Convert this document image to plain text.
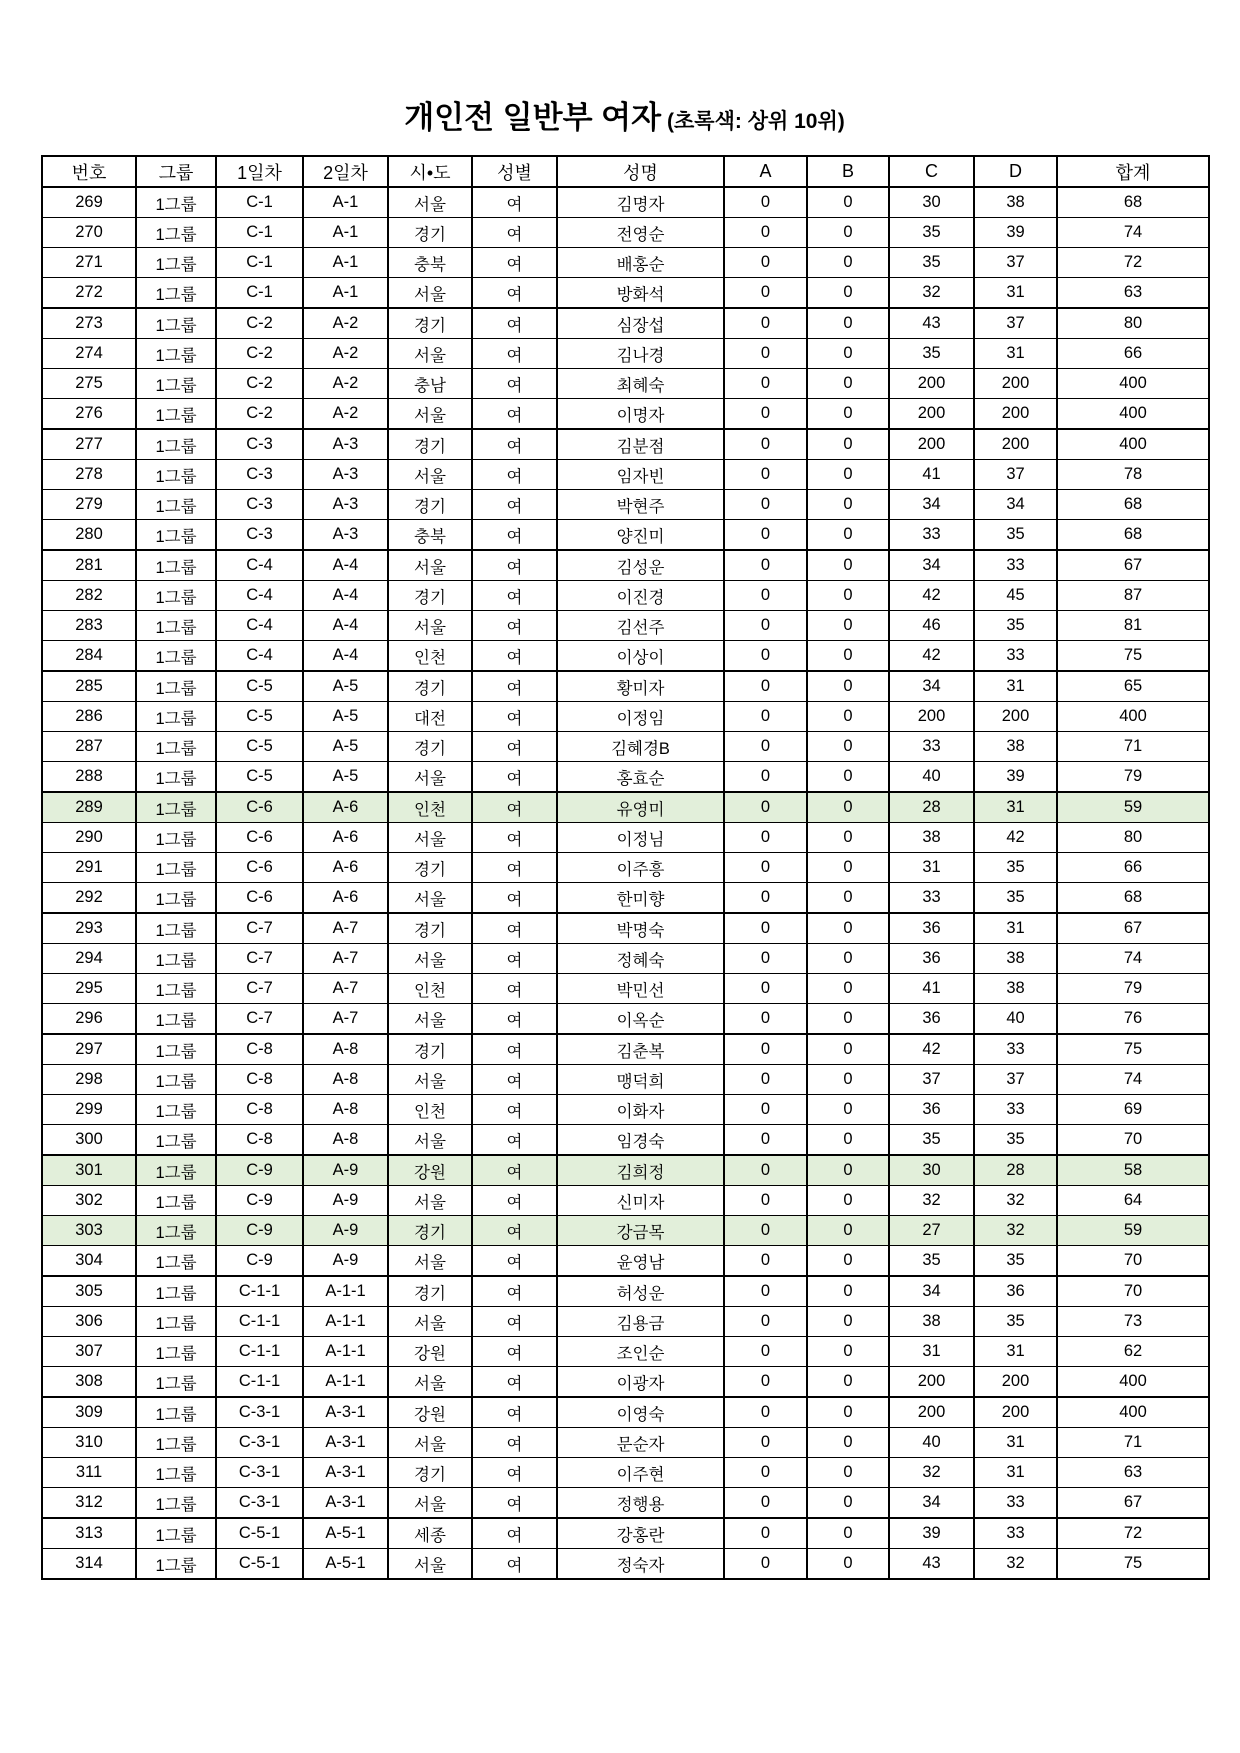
개인전 일반부 여자 (초록색: 상위 10위)
번호	그룹	1일차	2일차	시•도	성별	성명	A	B	C	D	합계
269	1그룹	C-1	A-1	서울	여	김명자	0	0	30	38	68
270	1그룹	C-1	A-1	경기	여	전영순	0	0	35	39	74
271	1그룹	C-1	A-1	충북	여	배홍순	0	0	35	37	72
272	1그룹	C-1	A-1	서울	여	방화석	0	0	32	31	63
273	1그룹	C-2	A-2	경기	여	심장섭	0	0	43	37	80
274	1그룹	C-2	A-2	서울	여	김나경	0	0	35	31	66
275	1그룹	C-2	A-2	충남	여	최혜숙	0	0	200	200	400
276	1그룹	C-2	A-2	서울	여	이명자	0	0	200	200	400
277	1그룹	C-3	A-3	경기	여	김분점	0	0	200	200	400
278	1그룹	C-3	A-3	서울	여	임자빈	0	0	41	37	78
279	1그룹	C-3	A-3	경기	여	박현주	0	0	34	34	68
280	1그룹	C-3	A-3	충북	여	양진미	0	0	33	35	68
281	1그룹	C-4	A-4	서울	여	김성운	0	0	34	33	67
282	1그룹	C-4	A-4	경기	여	이진경	0	0	42	45	87
283	1그룹	C-4	A-4	서울	여	김선주	0	0	46	35	81
284	1그룹	C-4	A-4	인천	여	이상이	0	0	42	33	75
285	1그룹	C-5	A-5	경기	여	황미자	0	0	34	31	65
286	1그룹	C-5	A-5	대전	여	이정임	0	0	200	200	400
287	1그룹	C-5	A-5	경기	여	김혜경B	0	0	33	38	71
288	1그룹	C-5	A-5	서울	여	홍효순	0	0	40	39	79
289	1그룹	C-6	A-6	인천	여	유영미	0	0	28	31	59
290	1그룹	C-6	A-6	서울	여	이정님	0	0	38	42	80
291	1그룹	C-6	A-6	경기	여	이주흥	0	0	31	35	66
292	1그룹	C-6	A-6	서울	여	한미향	0	0	33	35	68
293	1그룹	C-7	A-7	경기	여	박명숙	0	0	36	31	67
294	1그룹	C-7	A-7	서울	여	정혜숙	0	0	36	38	74
295	1그룹	C-7	A-7	인천	여	박민선	0	0	41	38	79
296	1그룹	C-7	A-7	서울	여	이옥순	0	0	36	40	76
297	1그룹	C-8	A-8	경기	여	김춘복	0	0	42	33	75
298	1그룹	C-8	A-8	서울	여	맹덕희	0	0	37	37	74
299	1그룹	C-8	A-8	인천	여	이화자	0	0	36	33	69
300	1그룹	C-8	A-8	서울	여	임경숙	0	0	35	35	70
301	1그룹	C-9	A-9	강원	여	김희정	0	0	30	28	58
302	1그룹	C-9	A-9	서울	여	신미자	0	0	32	32	64
303	1그룹	C-9	A-9	경기	여	강금목	0	0	27	32	59
304	1그룹	C-9	A-9	서울	여	윤영남	0	0	35	35	70
305	1그룹	C-1-1	A-1-1	경기	여	허성운	0	0	34	36	70
306	1그룹	C-1-1	A-1-1	서울	여	김용금	0	0	38	35	73
307	1그룹	C-1-1	A-1-1	강원	여	조인순	0	0	31	31	62
308	1그룹	C-1-1	A-1-1	서울	여	이광자	0	0	200	200	400
309	1그룹	C-3-1	A-3-1	강원	여	이영숙	0	0	200	200	400
310	1그룹	C-3-1	A-3-1	서울	여	문순자	0	0	40	31	71
311	1그룹	C-3-1	A-3-1	경기	여	이주현	0	0	32	31	63
312	1그룹	C-3-1	A-3-1	서울	여	정행용	0	0	34	33	67
313	1그룹	C-5-1	A-5-1	세종	여	강홍란	0	0	39	33	72
314	1그룹	C-5-1	A-5-1	서울	여	정숙자	0	0	43	32	75
